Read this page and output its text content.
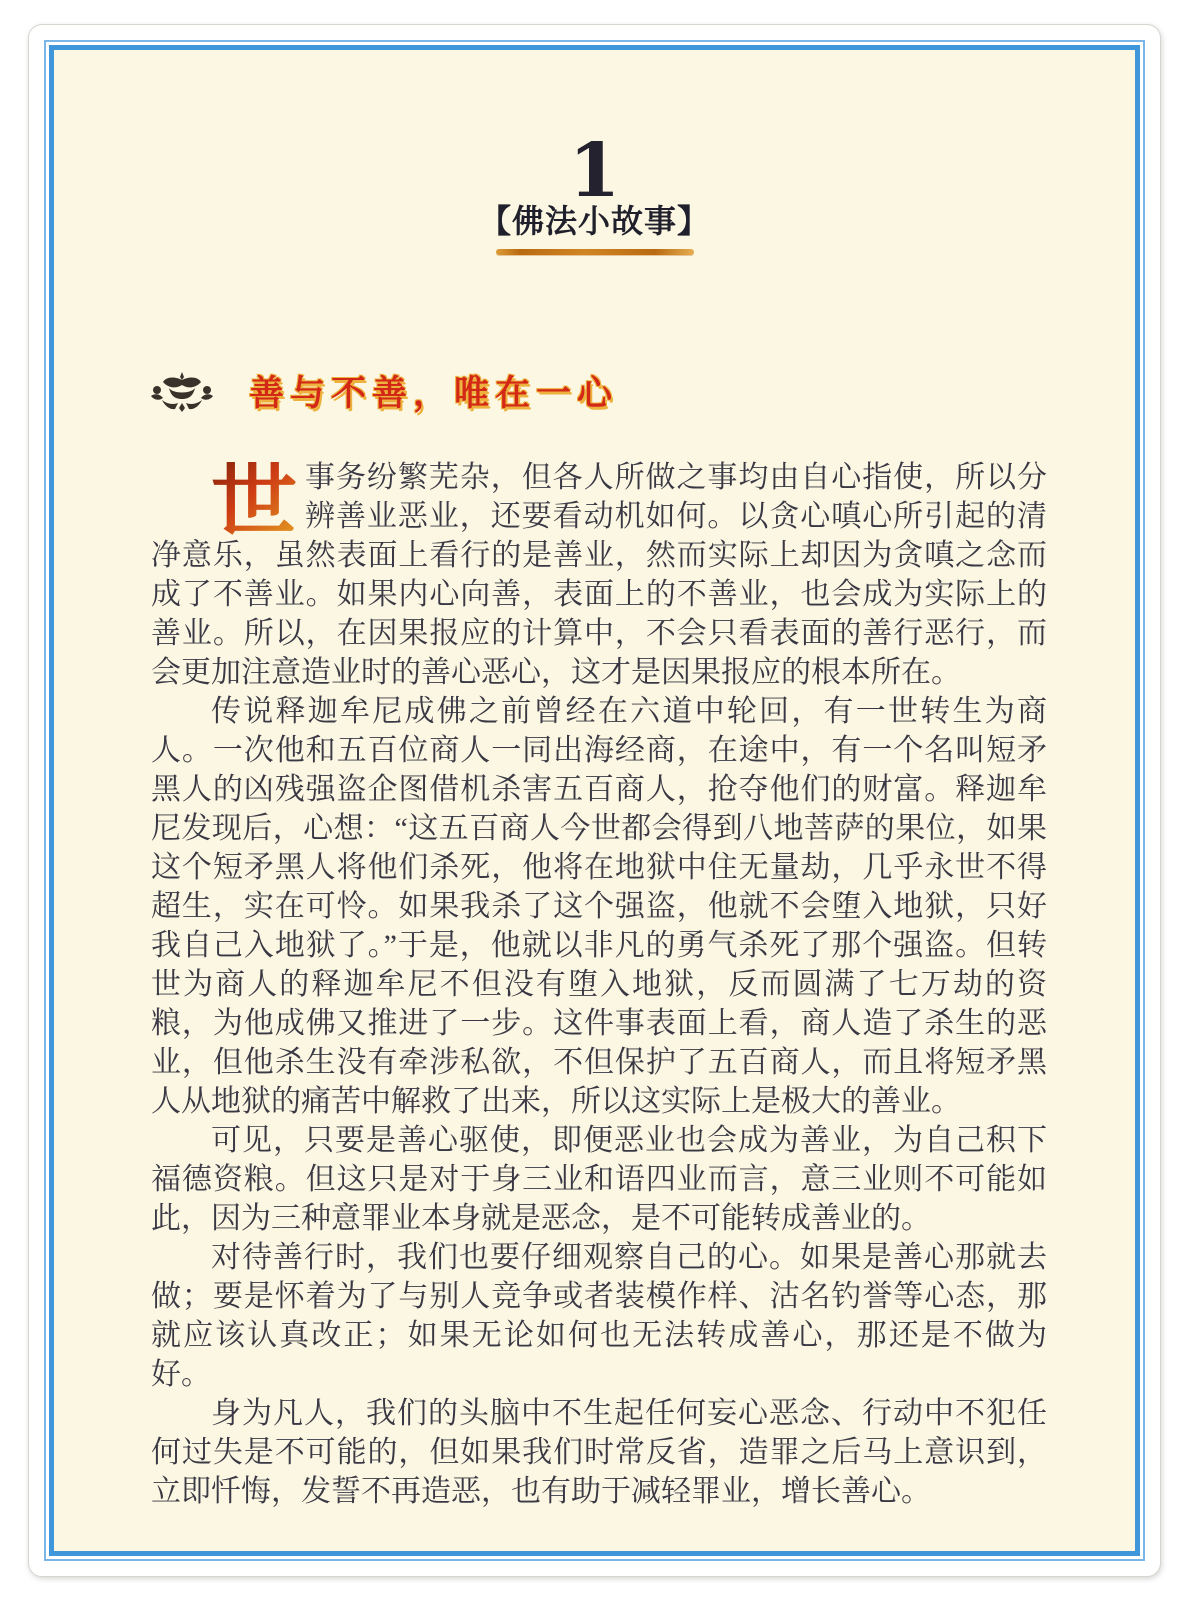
1
【佛法小故事】
善与不善，唯在一心

世 事务纷繁芜杂，但各人所做之事均由自心指使，所以分辨善业恶业，还要看动机如何。以贪心嗔心所引起的清净意乐，虽然表面上看行的是善业，然而实际上却因为贪嗔之念而成了不善业。如果内心向善，表面上的不善业，也会成为实际上的善业。所以，在因果报应的计算中，不会只看表面的善行恶行，而会更加注意造业时的善心恶心，这才是因果报应的根本所在。

传说释迦牟尼成佛之前曾经在六道中轮回，有一世转生为商人。一次他和五百位商人一同出海经商，在途中，有一个名叫短矛黑人的凶残强盗企图借机杀害五百商人，抢夺他们的财富。释迦牟尼发现后，心想：“这五百商人今世都会得到八地菩萨的果位，如果这个短矛黑人将他们杀死，他将在地狱中住无量劫，几乎永世不得超生，实在可怜。如果我杀了这个强盗，他就不会堕入地狱，只好我自己入地狱了。”于是，他就以非凡的勇气杀死了那个强盗。但转世为商人的释迦牟尼不但没有堕入地狱，反而圆满了七万劫的资粮，为他成佛又推进了一步。这件事表面上看，商人造了杀生的恶业，但他杀生没有牵涉私欲，不但保护了五百商人，而且将短矛黑人从地狱的痛苦中解救了出来，所以这实际上是极大的善业。

可见，只要是善心驱使，即便恶业也会成为善业，为自己积下福德资粮。但这只是对于身三业和语四业而言，意三业则不可能如此，因为三种意罪业本身就是恶念，是不可能转成善业的。

对待善行时，我们也要仔细观察自己的心。如果是善心那就去做；要是怀着为了与别人竞争或者装模作样、沽名钓誉等心态，那就应该认真改正；如果无论如何也无法转成善心，那还是不做为好。

身为凡人，我们的头脑中不生起任何妄心恶念、行动中不犯任何过失是不可能的，但如果我们时常反省，造罪之后马上意识到，立即忏悔，发誓不再造恶，也有助于减轻罪业，增长善心。
